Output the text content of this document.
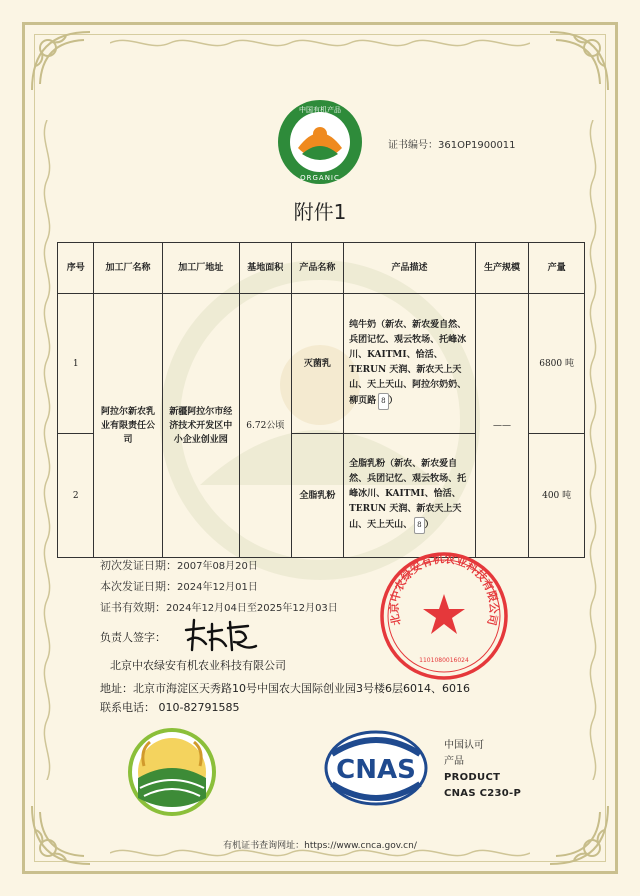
中国有机产品
ORGANIC
证书编号：361OP1900011
附件1
序号	加工厂名称	加工厂地址	基地面积	产品名称	产品描述	生产规模	产量
1	阿拉尔新农乳业有限责任公司	新疆阿拉尔市经济技术开发区中小企业创业园	6.72公顷	灭菌乳	纯牛奶（新农、新农爱自然、兵团记忆、观云牧场、托峰冰川、KAITMI、恰活、TERUN 天润、新农天上天山、天上天山、阿拉尔奶奶、柳页路 8 ）	——	6800 吨
2				全脂乳粉	全脂乳粉（新农、新农爱自然、兵团记忆、观云牧场、托峰冰川、KAITMI、恰活、TERUN 天润、新农天上天山、天上天山、 8 ）		400 吨
初次发证日期：2007年08月20日
本次发证日期：2024年12月01日
证书有效期：2024年12月04日至2025年12月03日
负责人签字：
北京中农绿安有机农业科技有限公司
地址：北京市海淀区天秀路10号中国农大国际创业园3号楼6层6014、6016
联系电话： 010-82791585
北京中农绿安有机农业科技有限公司
1101080016024
CNAS
中国认可
产品
PRODUCT
CNAS C230-P
有机证书查询网址：https://www.cnca.gov.cn/
